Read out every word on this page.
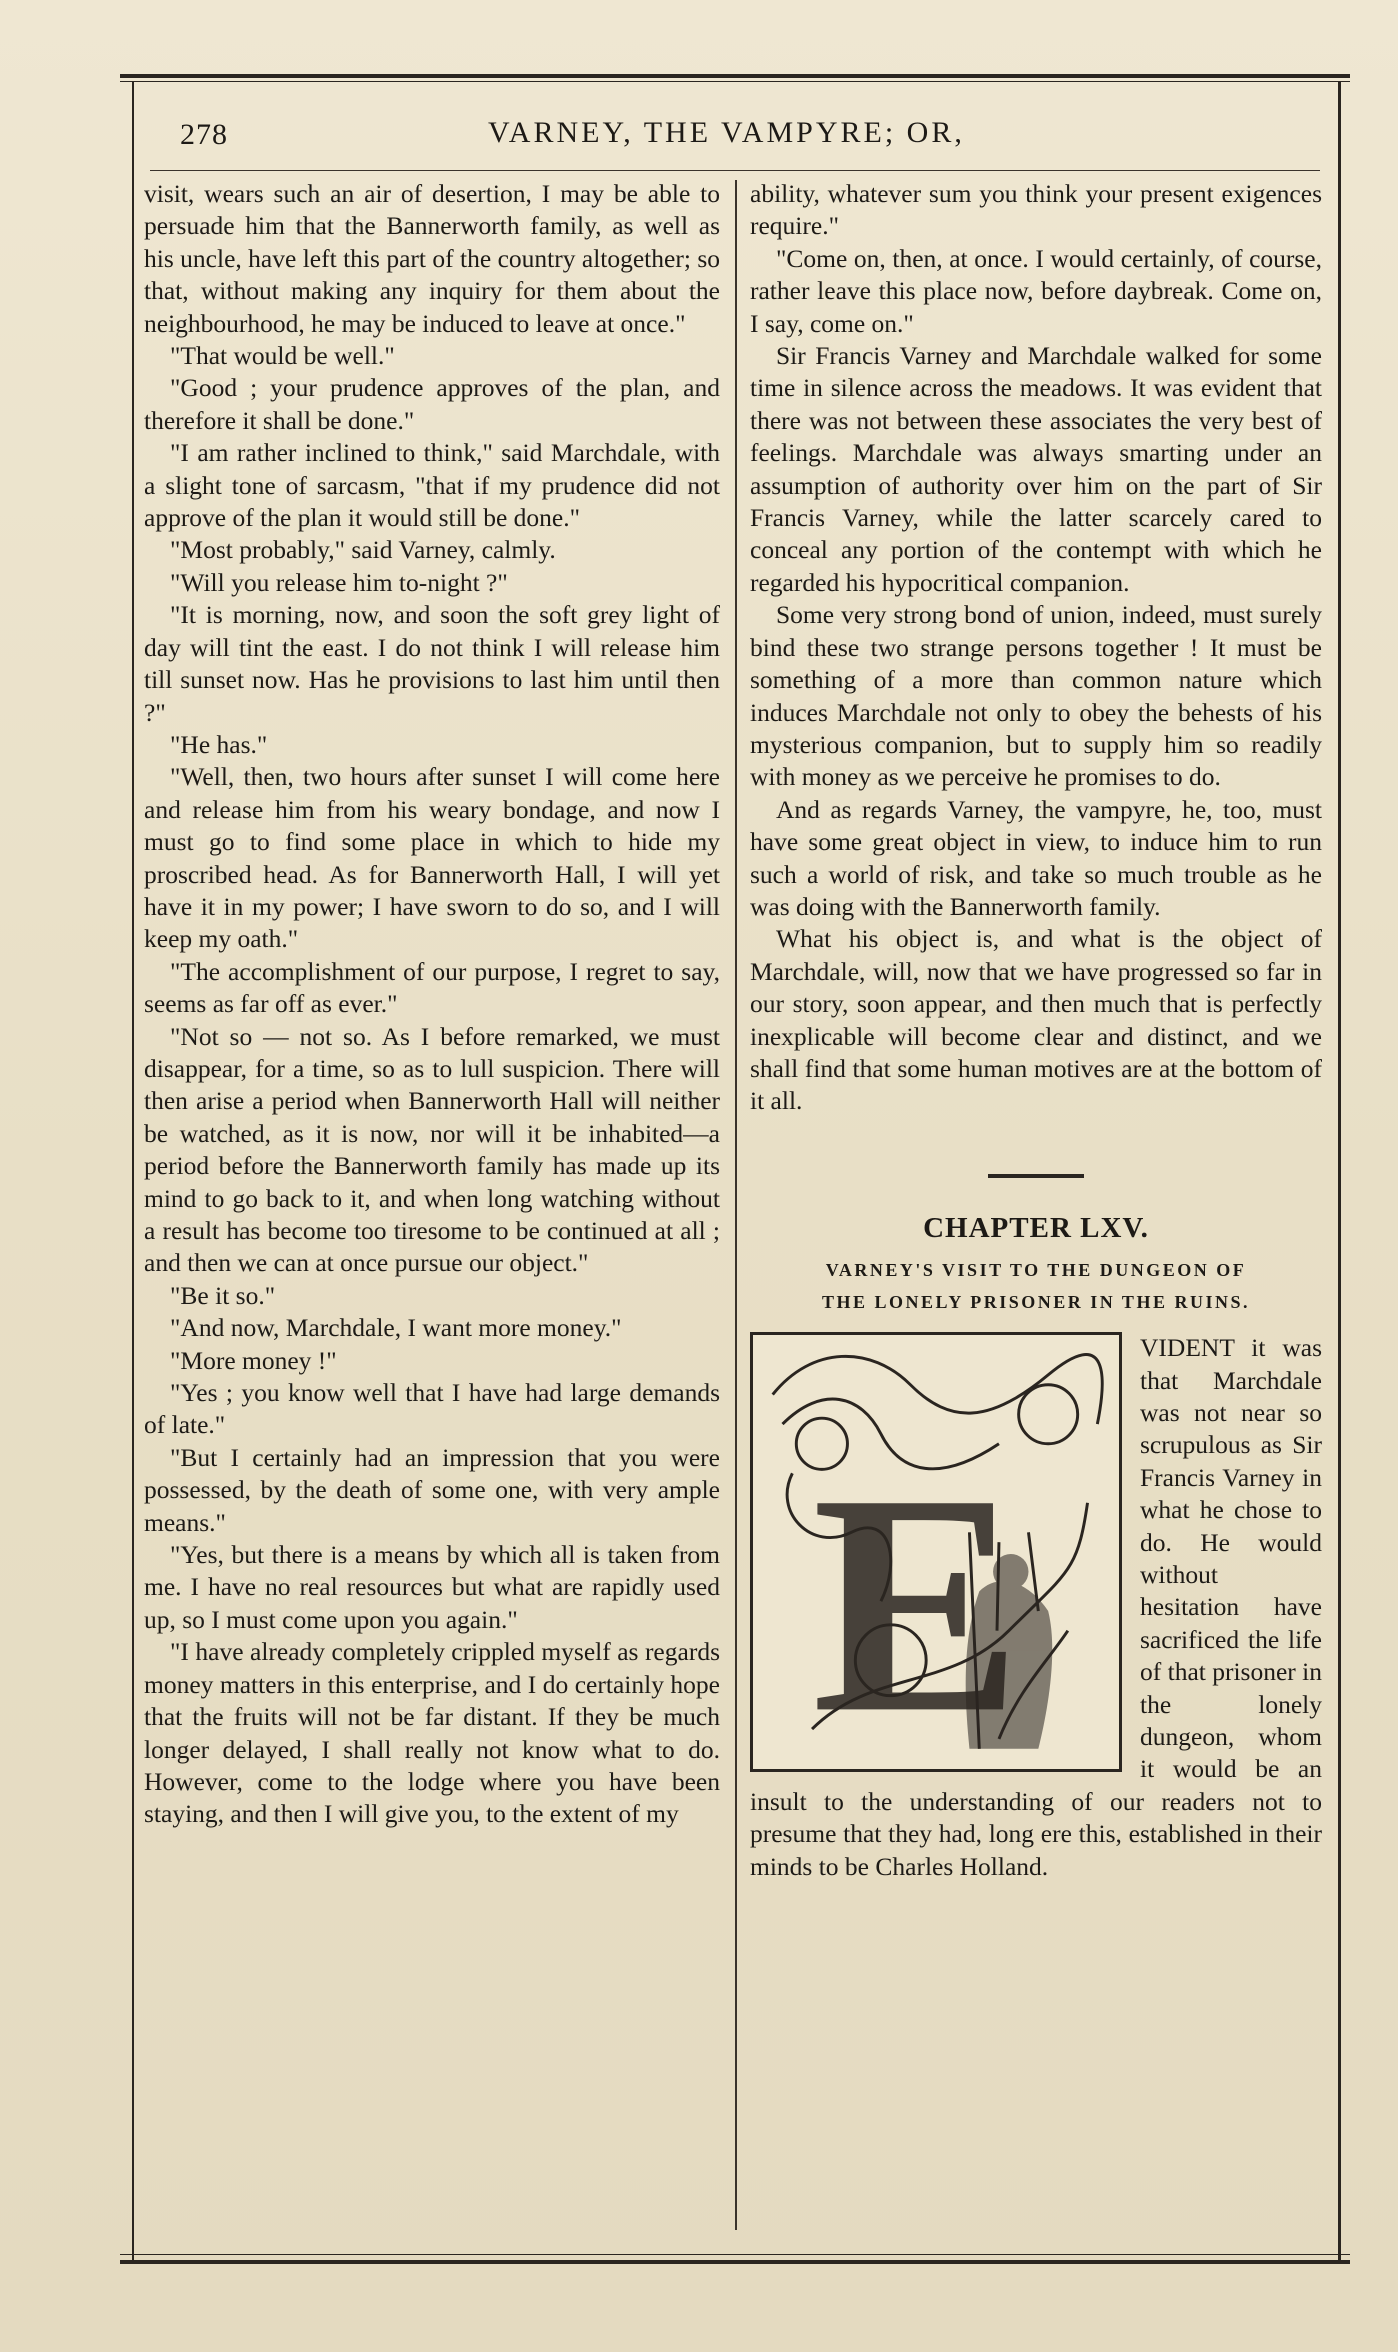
278	VARNEY, THE VAMPYRE; OR,

visit, wears such an air of desertion, I may be able to persuade him that the Bannerworth family, as well as his uncle, have left this part of the country altogether; so that, without making any inquiry for them about the neighbourhood, he may be induced to leave at once."

"That would be well."

"Good ; your prudence approves of the plan, and therefore it shall be done."

"I am rather inclined to think," said Marchdale, with a slight tone of sarcasm, "that if my prudence did not approve of the plan it would still be done."

"Most probably," said Varney, calmly.

"Will you release him to-night ?"

"It is morning, now, and soon the soft grey light of day will tint the east. I do not think I will release him till sunset now. Has he provisions to last him until then ?"

"He has."

"Well, then, two hours after sunset I will come here and release him from his weary bondage, and now I must go to find some place in which to hide my proscribed head. As for Bannerworth Hall, I will yet have it in my power; I have sworn to do so, and I will keep my oath."

"The accomplishment of our purpose, I regret to say, seems as far off as ever."

"Not so — not so. As I before remarked, we must disappear, for a time, so as to lull suspicion. There will then arise a period when Bannerworth Hall will neither be watched, as it is now, nor will it be inhabited—a period before the Bannerworth family has made up its mind to go back to it, and when long watching without a result has become too tiresome to be continued at all ; and then we can at once pursue our object."

"Be it so."

"And now, Marchdale, I want more money."

"More money !"

"Yes ; you know well that I have had large demands of late."

"But I certainly had an impression that you were possessed, by the death of some one, with very ample means."

"Yes, but there is a means by which all is taken from me. I have no real resources but what are rapidly used up, so I must come upon you again."

"I have already completely crippled myself as regards money matters in this enterprise, and I do certainly hope that the fruits will not be far distant. If they be much longer delayed, I shall really not know what to do. However, come to the lodge where you have been staying, and then I will give you, to the extent of my

ability, whatever sum you think your present exigences require."

"Come on, then, at once. I would certainly, of course, rather leave this place now, before daybreak. Come on, I say, come on."

Sir Francis Varney and Marchdale walked for some time in silence across the meadows. It was evident that there was not between these associates the very best of feelings. Marchdale was always smarting under an assumption of authority over him on the part of Sir Francis Varney, while the latter scarcely cared to conceal any portion of the contempt with which he regarded his hypocritical companion.

Some very strong bond of union, indeed, must surely bind these two strange persons together ! It must be something of a more than common nature which induces Marchdale not only to obey the behests of his mysterious companion, but to supply him so readily with money as we perceive he promises to do.

And as regards Varney, the vampyre, he, too, must have some great object in view, to induce him to run such a world of risk, and take so much trouble as he was doing with the Bannerworth family.

What his object is, and what is the object of Marchdale, will, now that we have progressed so far in our story, soon appear, and then much that is perfectly inexplicable will become clear and distinct, and we shall find that some human motives are at the bottom of it all.

CHAPTER LXV.
VARNEY'S VISIT TO THE DUNGEON OF
THE LONELY PRISONER IN THE RUINS.
E

VIDENT it was that Marchdale was not near so scrupulous as Sir Francis Varney in what he chose to do. He would without hesitation have sacrificed the life of that prisoner in the lonely dungeon, whom it would be an insult to the understanding of our readers not to presume that they had, long ere this, established in their minds to be Charles Holland.
